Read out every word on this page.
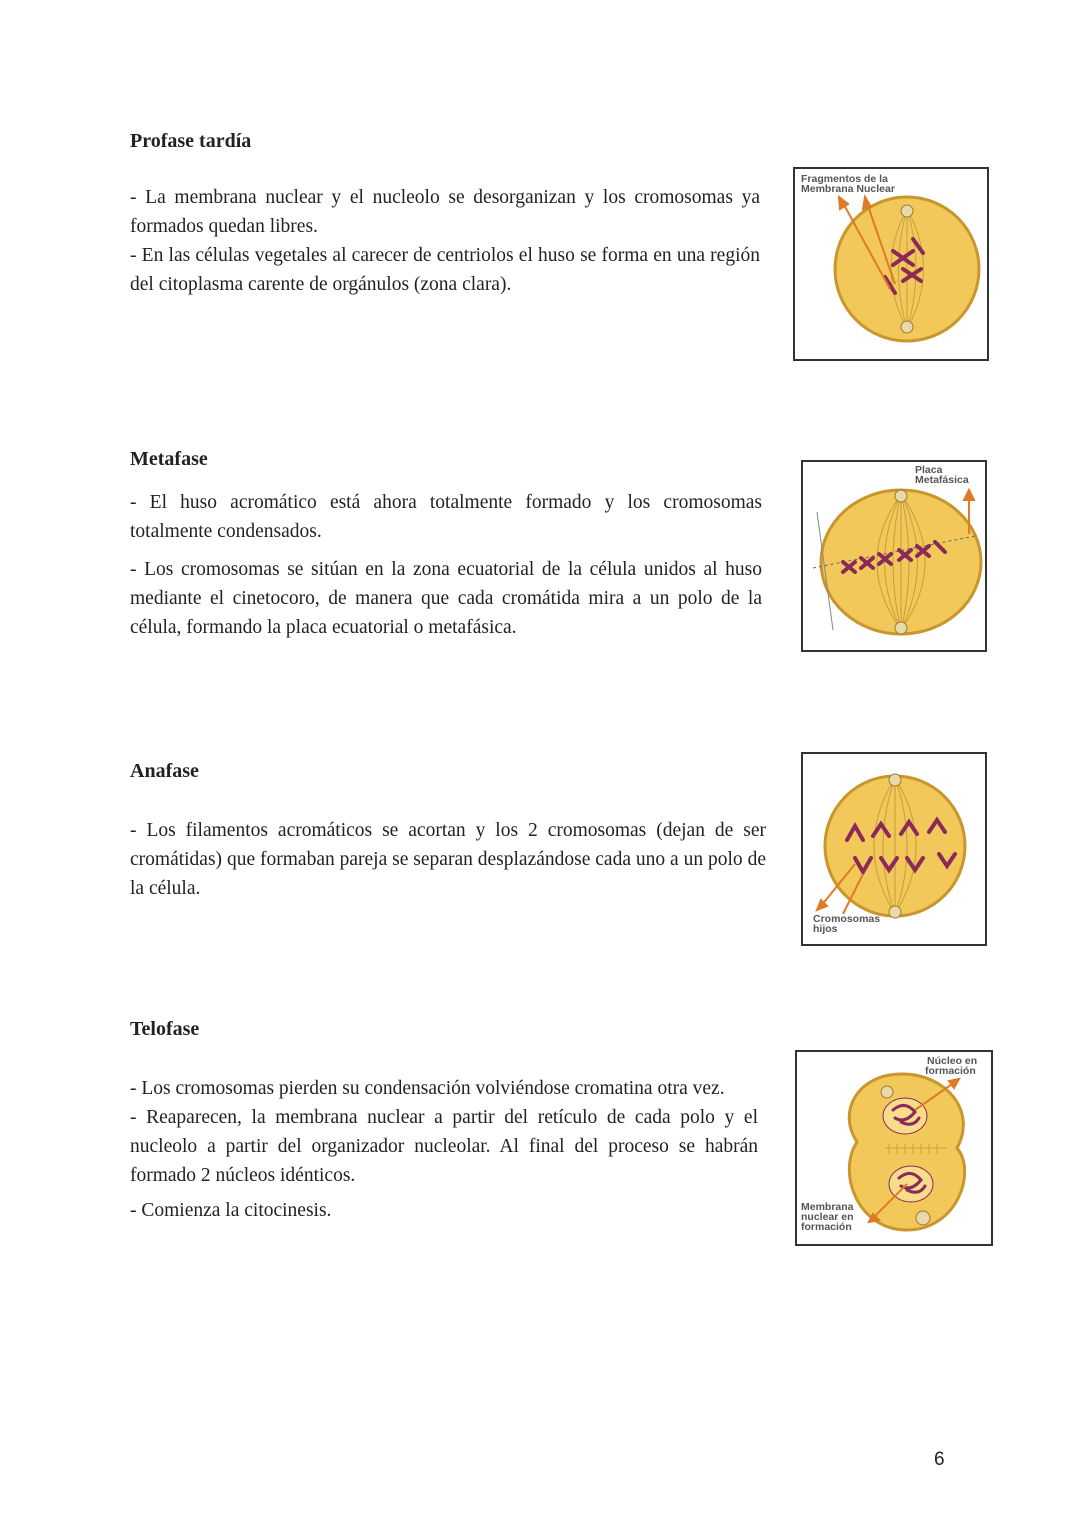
Profase tardía

- La membrana nuclear y el nucleolo se desorganizan y los cromosomas ya formados quedan libres.

- En las células vegetales al carecer de centriolos el huso se forma en una región del citoplasma carente de orgánulos (zona clara).

Fragmentos de la
Membrana Nuclear

Metafase

- El huso acromático está ahora totalmente formado y los cromosomas totalmente condensados.

- Los cromosomas se sitúan en la zona ecuatorial de la célula unidos al huso mediante el cinetocoro, de manera que cada cromátida mira a un polo de la célula, formando la placa ecuatorial o metafásica.

Placa
Metafásica

Anafase

- Los filamentos acromáticos se acortan y los 2 cromosomas (dejan de ser cromátidas) que formaban pareja se separan desplazándose cada uno a un polo de la célula.

Cromosomas
hijos

Telofase

- Los cromosomas pierden su condensación volviéndose cromatina otra vez.

- Reaparecen, la membrana nuclear a partir del retículo de cada polo y el nucleolo a partir del organizador nucleolar. Al final del proceso se habrán formado 2 núcleos idénticos.

- Comienza la citocinesis.

Núcleo en
formación
Membrana
nuclear en
formación
6
